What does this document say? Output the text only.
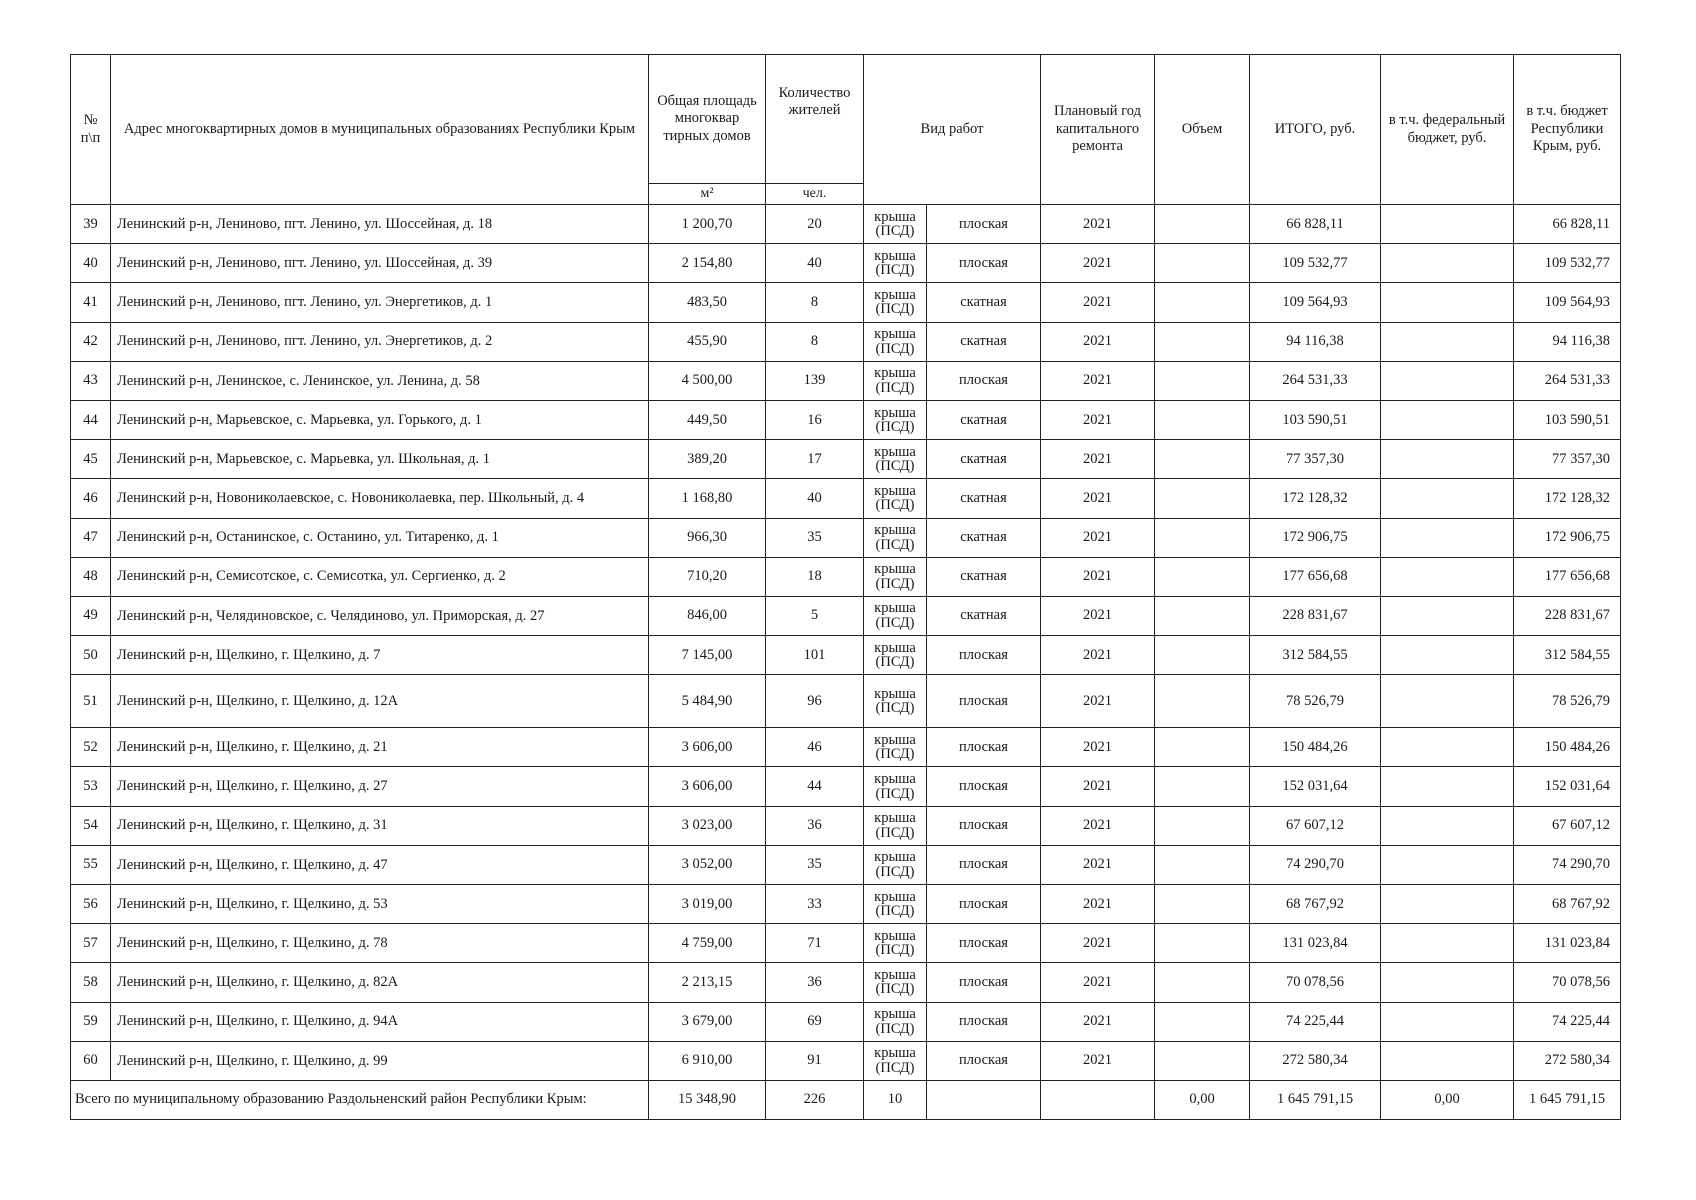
№ п\п	Адрес многоквартирных домов в муниципальных образованиях Республики Крым	Общая площадь многоквар тирных домов	Количество жителей	Вид работ		Плановый год капитального ремонта	Объем	ИТОГО, руб.	в т.ч. федеральный бюджет, руб.	в т.ч. бюджет Республики Крым, руб.
		м²	чел.							
39	Ленинский р-н, Лениново, пгт. Ленино, ул. Шоссейная, д. 18	1 200,70	20	крыша (ПСД)	плоская	2021		66 828,11		66 828,11
40	Ленинский р-н, Лениново, пгт. Ленино, ул. Шоссейная, д. 39	2 154,80	40	крыша (ПСД)	плоская	2021		109 532,77		109 532,77
41	Ленинский р-н, Лениново, пгт. Ленино, ул. Энергетиков, д. 1	483,50	8	крыша (ПСД)	скатная	2021		109 564,93		109 564,93
42	Ленинский р-н, Лениново, пгт. Ленино, ул. Энергетиков, д. 2	455,90	8	крыша (ПСД)	скатная	2021		94 116,38		94 116,38
43	Ленинский р-н, Ленинское, с. Ленинское, ул. Ленина, д. 58	4 500,00	139	крыша (ПСД)	плоская	2021		264 531,33		264 531,33
44	Ленинский р-н, Марьевское, с. Марьевка, ул. Горького, д. 1	449,50	16	крыша (ПСД)	скатная	2021		103 590,51		103 590,51
45	Ленинский р-н, Марьевское, с. Марьевка, ул. Школьная, д. 1	389,20	17	крыша (ПСД)	скатная	2021		77 357,30		77 357,30
46	Ленинский р-н, Новониколаевское, с. Новониколаевка, пер. Школьный, д. 4	1 168,80	40	крыша (ПСД)	скатная	2021		172 128,32		172 128,32
47	Ленинский р-н, Останинское, с. Останино, ул. Титаренко, д. 1	966,30	35	крыша (ПСД)	скатная	2021		172 906,75		172 906,75
48	Ленинский р-н, Семисотское, с. Семисотка, ул. Сергиенко, д. 2	710,20	18	крыша (ПСД)	скатная	2021		177 656,68		177 656,68
49	Ленинский р-н, Челядиновское, с. Челядиново, ул. Приморская, д. 27	846,00	5	крыша (ПСД)	скатная	2021		228 831,67		228 831,67
50	Ленинский р-н, Щелкино, г. Щелкино, д. 7	7 145,00	101	крыша (ПСД)	плоская	2021		312 584,55		312 584,55
51	Ленинский р-н, Щелкино, г. Щелкино, д. 12А	5 484,90	96	крыша (ПСД)	плоская	2021		78 526,79		78 526,79
52	Ленинский р-н, Щелкино, г. Щелкино, д. 21	3 606,00	46	крыша (ПСД)	плоская	2021		150 484,26		150 484,26
53	Ленинский р-н, Щелкино, г. Щелкино, д. 27	3 606,00	44	крыша (ПСД)	плоская	2021		152 031,64		152 031,64
54	Ленинский р-н, Щелкино, г. Щелкино, д. 31	3 023,00	36	крыша (ПСД)	плоская	2021		67 607,12		67 607,12
55	Ленинский р-н, Щелкино, г. Щелкино, д. 47	3 052,00	35	крыша (ПСД)	плоская	2021		74 290,70		74 290,70
56	Ленинский р-н, Щелкино, г. Щелкино, д. 53	3 019,00	33	крыша (ПСД)	плоская	2021		68 767,92		68 767,92
57	Ленинский р-н, Щелкино, г. Щелкино, д. 78	4 759,00	71	крыша (ПСД)	плоская	2021		131 023,84		131 023,84
58	Ленинский р-н, Щелкино, г. Щелкино, д. 82А	2 213,15	36	крыша (ПСД)	плоская	2021		70 078,56		70 078,56
59	Ленинский р-н, Щелкино, г. Щелкино, д. 94А	3 679,00	69	крыша (ПСД)	плоская	2021		74 225,44		74 225,44
60	Ленинский р-н, Щелкино, г. Щелкино, д. 99	6 910,00	91	крыша (ПСД)	плоская	2021		272 580,34		272 580,34
Всего по муниципальному образованию Раздольненский район Республики Крым:		15 348,90	226	10			0,00	1 645 791,15	0,00	1 645 791,15
